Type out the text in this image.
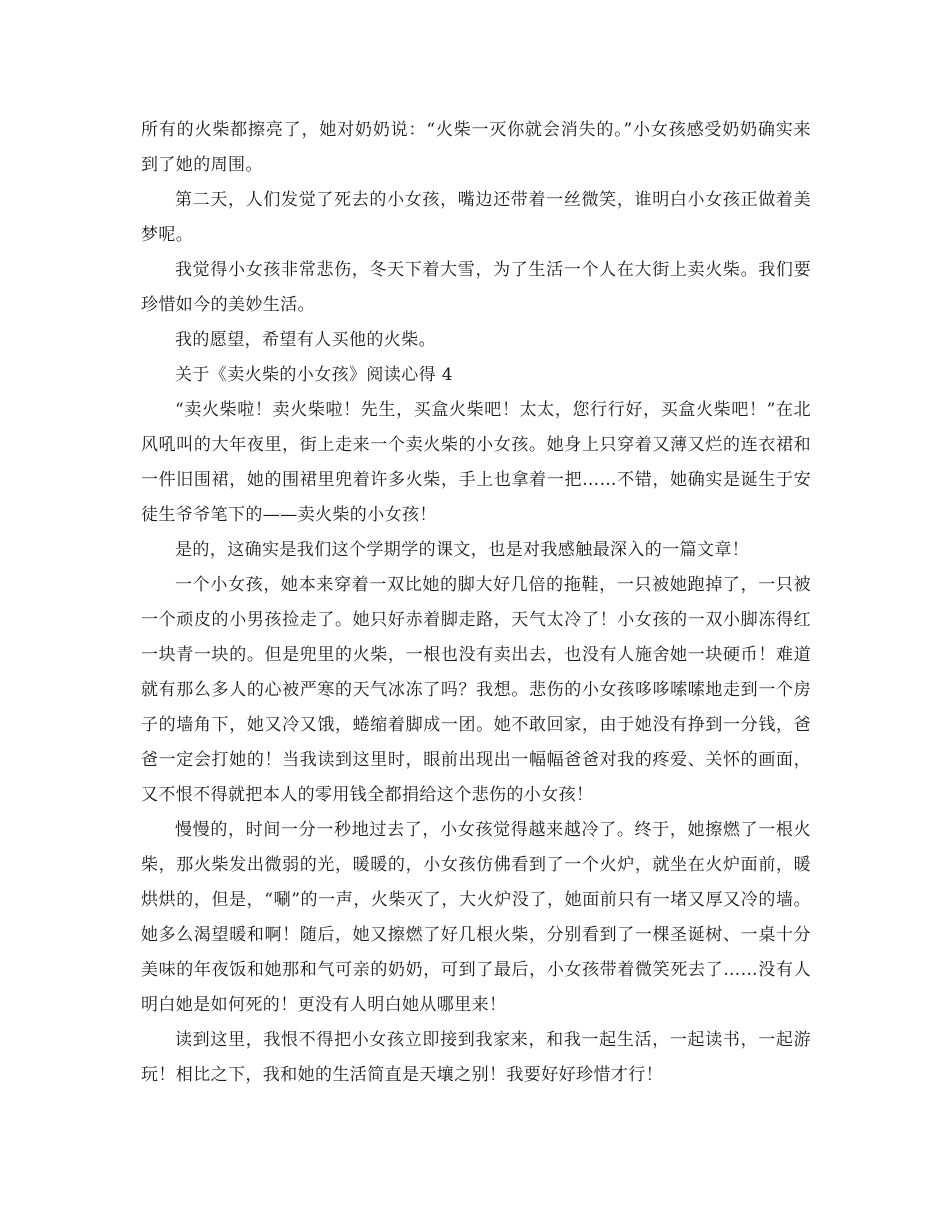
所有的火柴都擦亮了，她对奶奶说：“火柴一灭你就会消失的。”小女孩感受奶奶确实来到了她的周围。

第二天，人们发觉了死去的小女孩，嘴边还带着一丝微笑，谁明白小女孩正做着美梦呢。

我觉得小女孩非常悲伤，冬天下着大雪，为了生活一个人在大街上卖火柴。我们要珍惜如今的美妙生活。

我的愿望，希望有人买他的火柴。

关于《卖火柴的小女孩》阅读心得 4

“卖火柴啦！卖火柴啦！先生，买盒火柴吧！太太，您行行好，买盒火柴吧！”在北风吼叫的大年夜里，街上走来一个卖火柴的小女孩。她身上只穿着又薄又烂的连衣裙和一件旧围裙，她的围裙里兜着许多火柴，手上也拿着一把……不错，她确实是诞生于安徒生爷爷笔下的——卖火柴的小女孩！

是的，这确实是我们这个学期学的课文，也是对我感触最深入的一篇文章！

一个小女孩，她本来穿着一双比她的脚大好几倍的拖鞋，一只被她跑掉了，一只被一个顽皮的小男孩捡走了。她只好赤着脚走路，天气太冷了！小女孩的一双小脚冻得红一块青一块的。但是兜里的火柴，一根也没有卖出去，也没有人施舍她一块硬币！难道就有那么多人的心被严寒的天气冰冻了吗？我想。悲伤的小女孩哆哆嗦嗦地走到一个房子的墙角下，她又冷又饿，蜷缩着脚成一团。她不敢回家，由于她没有挣到一分钱，爸爸一定会打她的！当我读到这里时，眼前出现出一幅幅爸爸对我的疼爱、关怀的画面，又不恨不得就把本人的零用钱全都捐给这个悲伤的小女孩！

慢慢的，时间一分一秒地过去了，小女孩觉得越来越冷了。终于，她擦燃了一根火柴，那火柴发出微弱的光，暖暖的，小女孩仿佛看到了一个火炉，就坐在火炉面前，暖烘烘的，但是，“唰”的一声，火柴灭了，大火炉没了，她面前只有一堵又厚又冷的墙。她多么渴望暖和啊！随后，她又擦燃了好几根火柴，分别看到了一棵圣诞树、一桌十分美味的年夜饭和她那和气可亲的奶奶，可到了最后，小女孩带着微笑死去了……没有人明白她是如何死的！更没有人明白她从哪里来！

读到这里，我恨不得把小女孩立即接到我家来，和我一起生活，一起读书，一起游玩！相比之下，我和她的生活简直是天壤之别！我要好好珍惜才行！
